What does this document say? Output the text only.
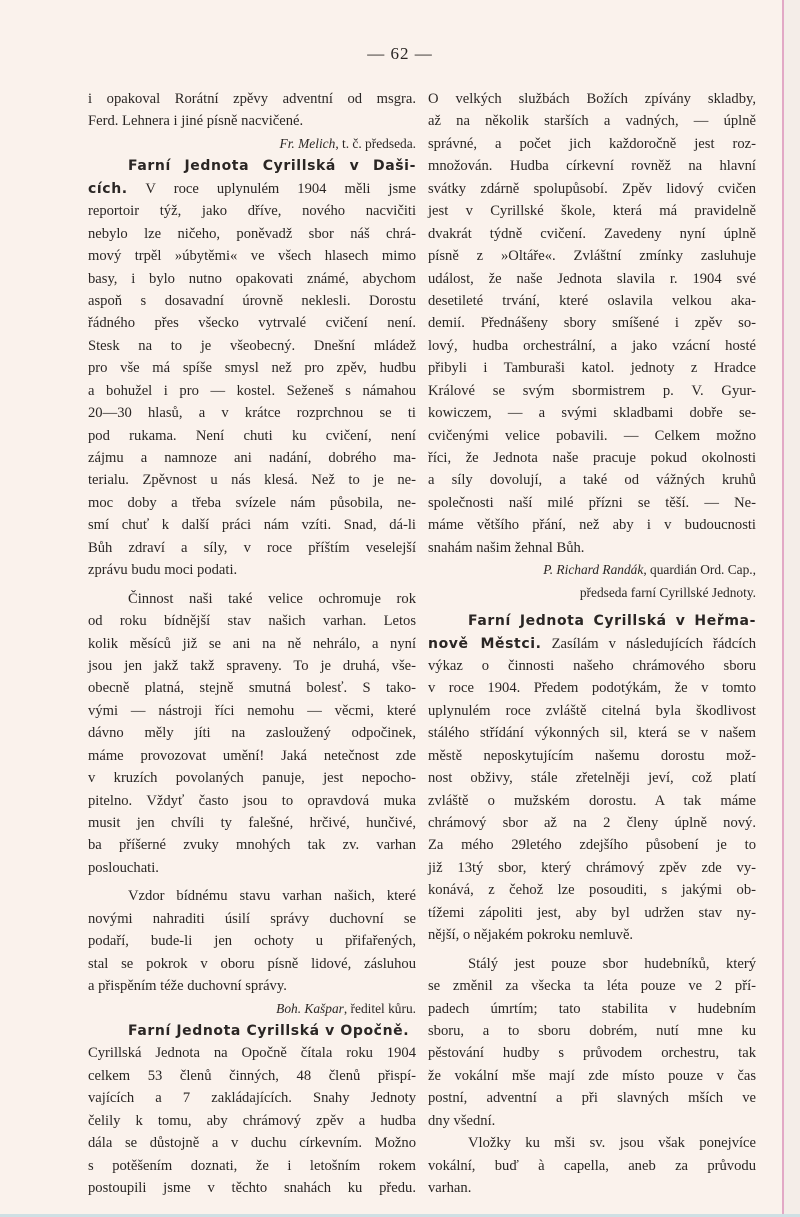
— 62 —
i opakoval Rorátní zpěvy adventní od msgra.
Ferd. Lehnera i jiné písně nacvičené.
Fr. Melich, t. č. předseda.
Farní Jednota Cyrillská v Daši-
cích. V roce uplynulém 1904 měli jsme
reportoir týž, jako dříve, nového nacvičiti
nebylo lze ničeho, poněvadž sbor náš chrá-
mový trpěl »úbytěmi« ve všech hlasech mimo
basy, i bylo nutno opakovati známé, abychom
aspoň s dosavadní úrovně neklesli. Dorostu
řádného přes všecko vytrvalé cvičení není.
Stesk na to je všeobecný. Dnešní mládež
pro vše má spíše smysl než pro zpěv, hudbu
a bohužel i pro — kostel. Seženeš s námahou
20—30 hlasů, a v krátce rozprchnou se ti
pod rukama. Není chuti ku cvičení, není
zájmu a namnoze ani nadání, dobrého ma-
terialu. Zpěvnost u nás klesá. Než to je ne-
moc doby a třeba svízele nám působila, ne-
smí chuť k další práci nám vzíti. Snad, dá-li
Bůh zdraví a síly, v roce příštím veselejší
zprávu budu moci podati.
Činnost naši také velice ochromuje rok
od roku bídnější stav našich varhan. Letos
kolik měsíců již se ani na ně nehrálo, a nyní
jsou jen jakž takž spraveny. To je druhá, vše-
obecně platná, stejně smutná bolesť. S tako-
vými — nástroji říci nemohu — věcmi, které
dávno měly jíti na zasloužený odpočinek,
máme provozovat umění! Jaká netečnost zde
v kruzích povolaných panuje, jest nepocho-
pitelno. Vždyť často jsou to opravdová muka
musit jen chvíli ty falešné, hrčivé, hunčivé,
ba příšerné zvuky mnohých tak zv. varhan
poslouchati.
Vzdor bídnému stavu varhan našich, které
novými nahraditi úsilí správy duchovní se
podaří, bude-li jen ochoty u přifařených,
stal se pokrok v oboru písně lidové, zásluhou
a přispěním téže duchovní správy.
Boh. Kašpar, ředitel kůru.
Farní Jednota Cyrillská v Opočně.
Cyrillská Jednota na Opočně čítala roku 1904
celkem 53 členů činných, 48 členů přispí-
vajících a 7 zakládajících. Snahy Jednoty
čelily k tomu, aby chrámový zpěv a hudba
dála se důstojně a v duchu církevním. Možno
s potěšením doznati, že i letošním rokem
postoupili jsme v těchto snahách ku předu.
O velkých službách Božích zpívány skladby,
až na několik starších a vadných, — úplně
správné, a počet jich každoročně jest roz-
množován. Hudba církevní rovněž na hlavní
svátky zdárně spolupůsobí. Zpěv lidový cvičen
jest v Cyrillské škole, která má pravidelně
dvakrát týdně cvičení. Zavedeny nyní úplně
písně z »Oltáře«. Zvláštní zmínky zasluhuje
událost, že naše Jednota slavila r. 1904 své
desetileté trvání, které oslavila velkou aka-
demií. Přednášeny sbory smíšené i zpěv so-
lový, hudba orchestrální, a jako vzácní hosté
přibyli i Tamburaši katol. jednoty z Hradce
Králové se svým sbormistrem p. V. Gyur-
kowiczem, — a svými skladbami dobře se-
cvičenými velice pobavili. — Celkem možno
říci, že Jednota naše pracuje pokud okolnosti
a síly dovolují, a také od vážných kruhů
společnosti naší milé přízni se těší. — Ne-
máme většího přání, než aby i v budoucnosti
snahám našim žehnal Bůh.
P. Richard Randák, quardián Ord. Cap.,
předseda farní Cyrillské Jednoty.
Farní Jednota Cyrillská v Heřma-
nově Městci. Zasílám v následujících řádcích
výkaz o činnosti našeho chrámového sboru
v roce 1904. Předem podotýkám, že v tomto
uplynulém roce zvláště citelná byla škodlivost
stálého střídání výkonných sil, která se v našem
městě neposkytujícím našemu dorostu mož-
nost obživy, stále zřetelněji jeví, což platí
zvláště o mužském dorostu. A tak máme
chrámový sbor až na 2 členy úplně nový.
Za mého 29letého zdejšího působení je to
již 13tý sbor, který chrámový zpěv zde vy-
konává, z čehož lze posouditi, s jakými ob-
tížemi zápoliti jest, aby byl udržen stav ny-
nější, o nějakém pokroku nemluvě.
Stálý jest pouze sbor hudebníků, který
se změnil za všecka ta léta pouze ve 2 pří-
padech úmrtím; tato stabilita v hudebním
sboru, a to sboru dobrém, nutí mne ku
pěstování hudby s průvodem orchestru, tak
že vokální mše mají zde místo pouze v čas
postní, adventní a při slavných mších ve
dny všední.
Vložky ku mši sv. jsou však ponejvíce
vokální, buď à capella, aneb za průvodu
varhan.
